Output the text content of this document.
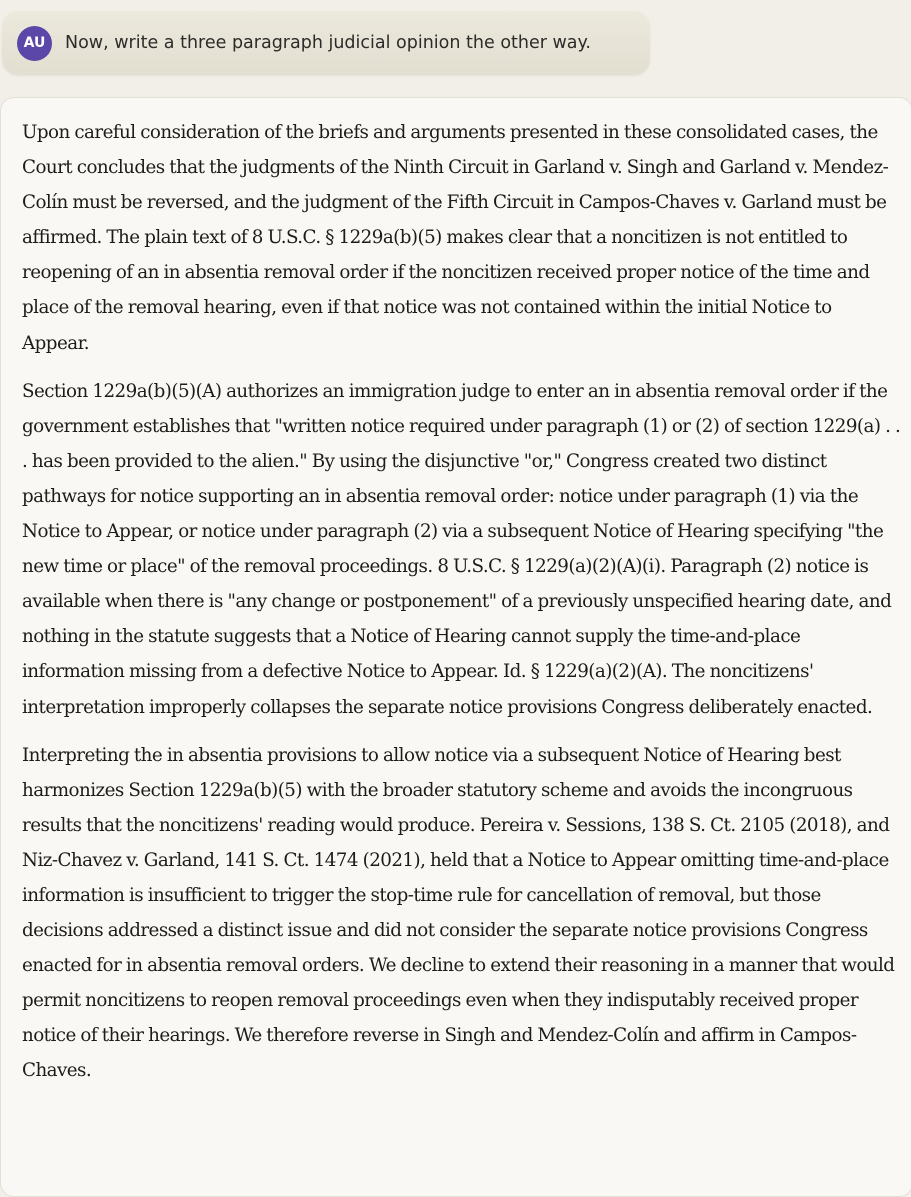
AU	Now, write a three paragraph judicial opinion the other way.

Upon careful consideration of the briefs and arguments presented in these consolidated cases, the Court concludes that the judgments of the Ninth Circuit in Garland v. Singh and Garland v. Mendez-Colín must be reversed, and the judgment of the Fifth Circuit in Campos-Chaves v. Garland must be affirmed. The plain text of 8 U.S.C. § 1229a(b)(5) makes clear that a noncitizen is not entitled to reopening of an in absentia removal order if the noncitizen received proper notice of the time and place of the removal hearing, even if that notice was not contained within the initial Notice to Appear.

Section 1229a(b)(5)(A) authorizes an immigration judge to enter an in absentia removal order if the government establishes that "written notice required under paragraph (1) or (2) of section 1229(a) . . . has been provided to the alien." By using the disjunctive "or," Congress created two distinct pathways for notice supporting an in absentia removal order: notice under paragraph (1) via the Notice to Appear, or notice under paragraph (2) via a subsequent Notice of Hearing specifying "the new time or place" of the removal proceedings. 8 U.S.C. § 1229(a)(2)(A)(i). Paragraph (2) notice is available when there is "any change or postponement" of a previously unspecified hearing date, and nothing in the statute suggests that a Notice of Hearing cannot supply the time-and-place information missing from a defective Notice to Appear. Id. § 1229(a)(2)(A). The noncitizens' interpretation improperly collapses the separate notice provisions Congress deliberately enacted.

Interpreting the in absentia provisions to allow notice via a subsequent Notice of Hearing best harmonizes Section 1229a(b)(5) with the broader statutory scheme and avoids the incongruous results that the noncitizens' reading would produce. Pereira v. Sessions, 138 S. Ct. 2105 (2018), and Niz-Chavez v. Garland, 141 S. Ct. 1474 (2021), held that a Notice to Appear omitting time-and-place information is insufficient to trigger the stop-time rule for cancellation of removal, but those decisions addressed a distinct issue and did not consider the separate notice provisions Congress enacted for in absentia removal orders. We decline to extend their reasoning in a manner that would permit noncitizens to reopen removal proceedings even when they indisputably received proper notice of their hearings. We therefore reverse in Singh and Mendez-Colín and affirm in Campos-Chaves.
